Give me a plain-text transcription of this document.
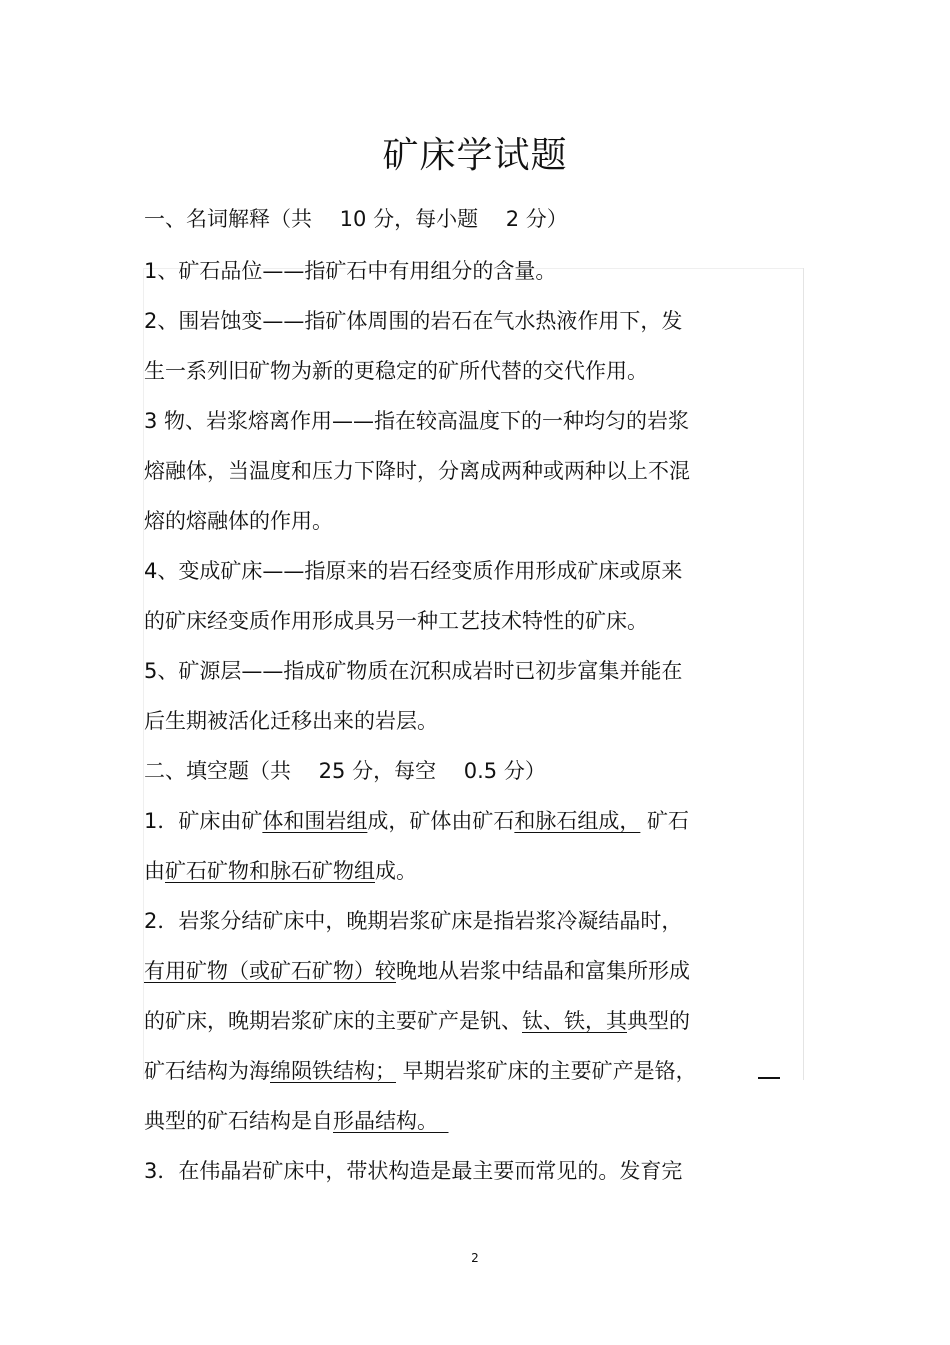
矿床学试题
一、名词解释（共 　10 分，每小题 　2 分）
1、矿石品位——指矿石中有用组分的含量。
2、围岩蚀变——指矿体周围的岩石在气水热液作用下，发
生一系列旧矿物为新的更稳定的矿所代替的交代作用。
3 物、岩浆熔离作用——指在较高温度下的一种均匀的岩浆
熔融体，当温度和压力下降时，分离成两种或两种以上不混
熔的熔融体的作用。
4、变成矿床——指原来的岩石经变质作用形成矿床或原来
的矿床经变质作用形成具另一种工艺技术特性的矿床。
5、矿源层——指成矿物质在沉积成岩时已初步富集并能在
后生期被活化迁移出来的岩层。
二、填空题（共 　25 分，每空 　0.5 分）
1．矿床由矿体和围岩组成，矿体由矿石和脉石组成， 矿石
由矿石矿物和脉石矿物组成。
2．岩浆分结矿床中，晚期岩浆矿床是指岩浆冷凝结晶时，
有用矿物（或矿石矿物）较晚地从岩浆中结晶和富集所形成
的矿床，晚期岩浆矿床的主要矿产是钒、钛、铁，其典型的
矿石结构为海绵陨铁结构； 早期岩浆矿床的主要矿产是铬，
典型的矿石结构是自形晶结构。　
3．在伟晶岩矿床中，带状构造是最主要而常见的。发育完
2
